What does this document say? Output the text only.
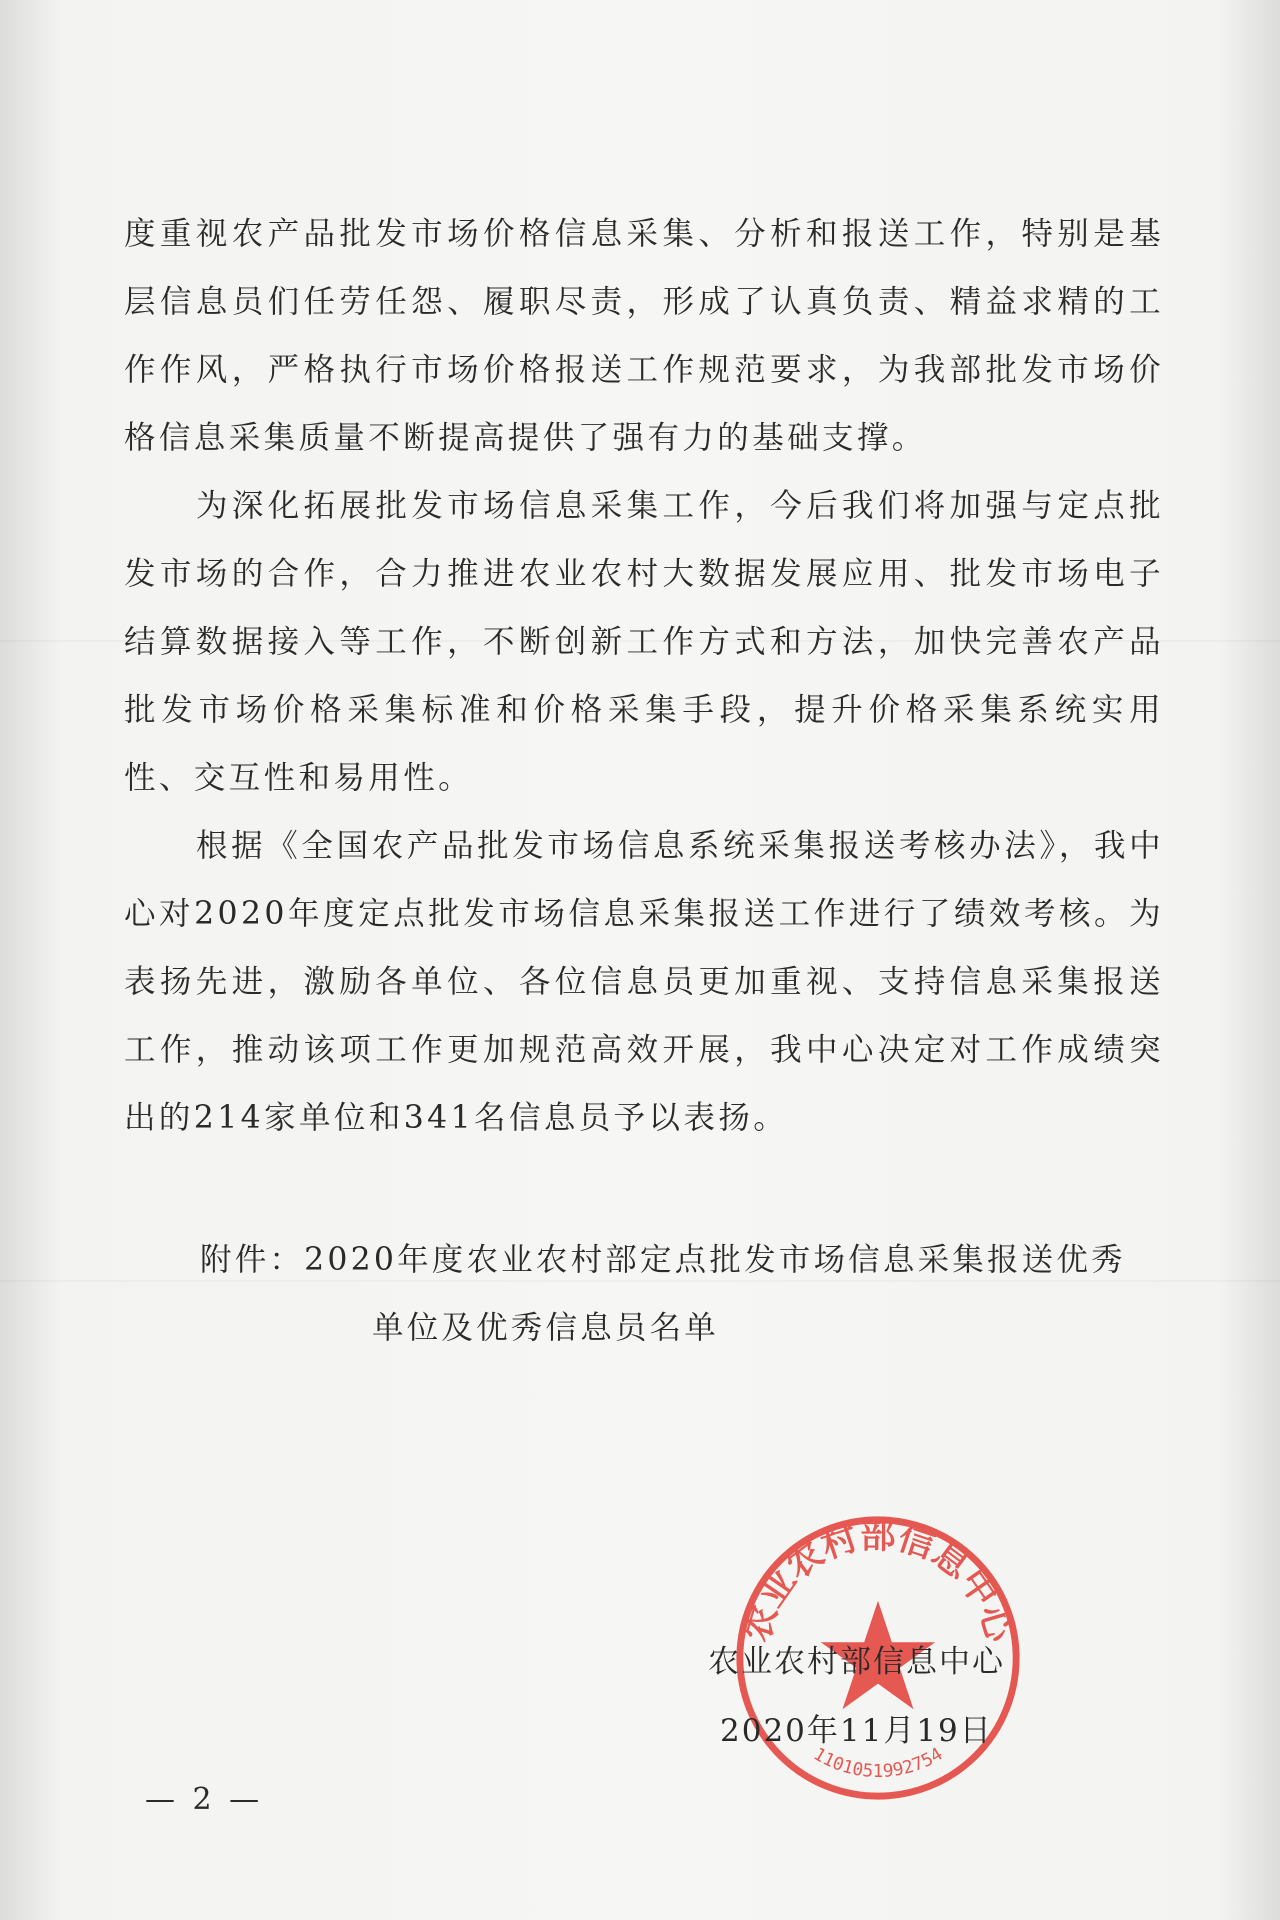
度重视农产品批发市场价格信息采集、分析和报送工作，特别是基层信息员们任劳任怨、履职尽责，形成了认真负责、精益求精的工作作风，严格执行市场价格报送工作规范要求，为我部批发市场价格信息采集质量不断提高提供了强有力的基础支撑。

为深化拓展批发市场信息采集工作，今后我们将加强与定点批发市场的合作，合力推进农业农村大数据发展应用、批发市场电子结算数据接入等工作，不断创新工作方式和方法，加快完善农产品批发市场价格采集标准和价格采集手段，提升价格采集系统实用性、交互性和易用性。

根据《全国农产品批发市场信息系统采集报送考核办法》，我中心对2020年度定点批发市场信息采集报送工作进行了绩效考核。为表扬先进，激励各单位、各位信息员更加重视、支持信息采集报送工作，推动该项工作更加规范高效开展，我中心决定对工作成绩突出的214家单位和341名信息员予以表扬。

附件： 2020年度农业农村部定点批发市场信息采集报送优秀
单位及优秀信息员名单
农业农村部信息中心
1101051992754
农业农村部信息中心
2020年11月19日
— 2 —
